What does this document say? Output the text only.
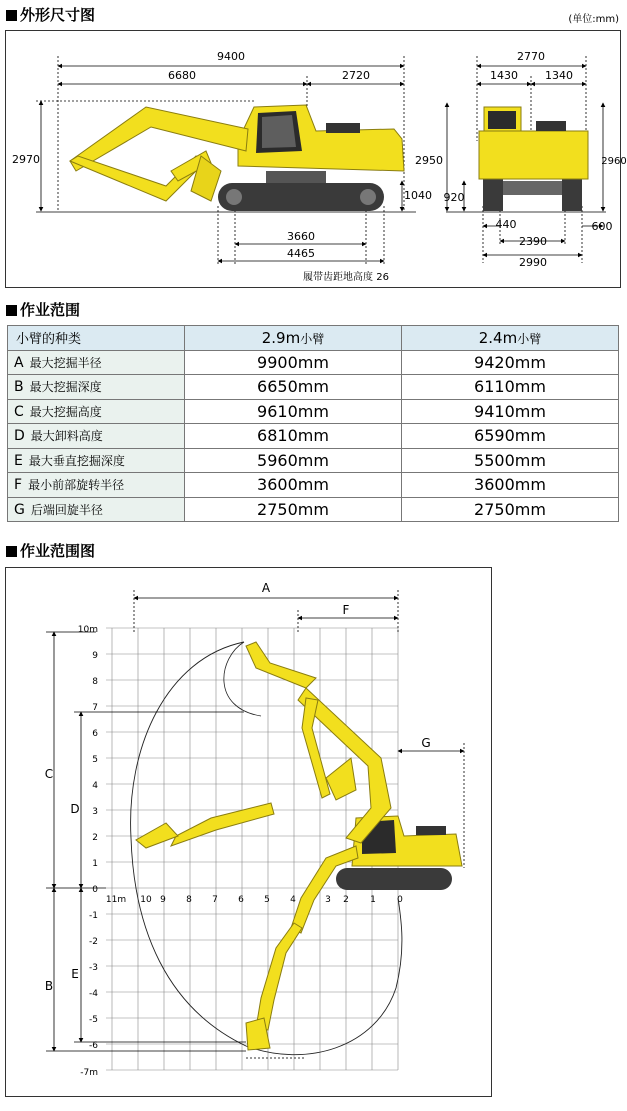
外形尺寸图	(单位:mm)
9400
6680	2720
2970
1040
3660
4465
履带齿距地高度 26
2770
1430 1340
2950	2960
920
440
2390
2990
600
作业范围
小臂的种类	2.9m小臂	2.4m小臂
A 最大挖掘半径	9900mm	9420mm
B 最大挖掘深度	6650mm	6110mm
C 最大挖掘高度	9610mm	9410mm
D 最大卸料高度	6810mm	6590mm
E 最大垂直挖掘深度	5960mm	5500mm
F 最小前部旋转半径	3600mm	3600mm
G 后端回旋半径	2750mm	2750mm
作业范围图
10m
9
8
7
6
5
4
3
2
1
0
-1
-2
-3
-4
-5
-6
-7m
11m 10 9 8 7 6 5 4	3 2 1 0
A
F
G
C
D
B
E
